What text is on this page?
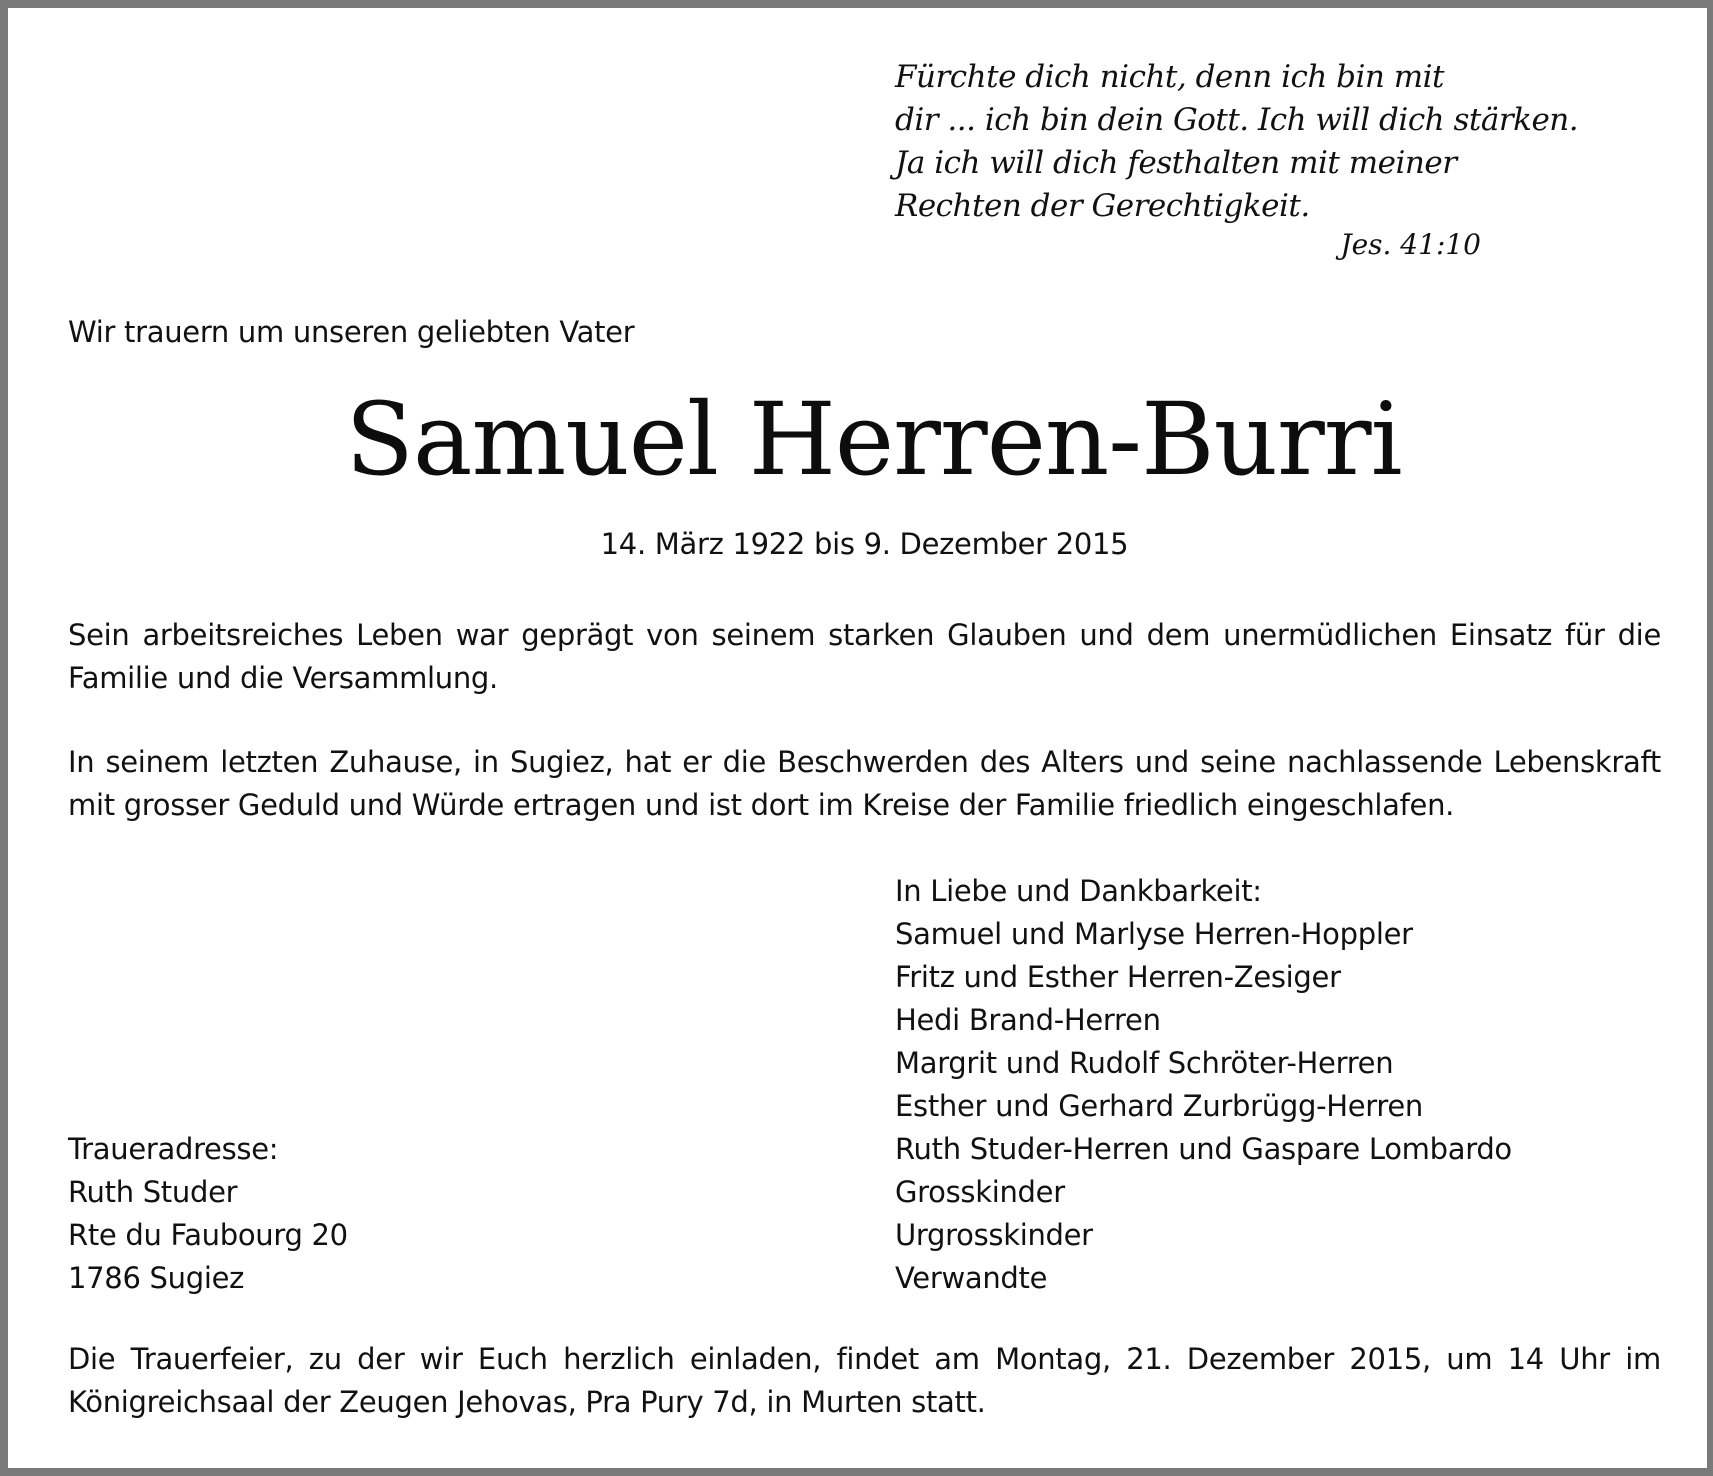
Fürchte dich nicht, denn ich bin mit
dir ... ich bin dein Gott. Ich will dich stärken.
Ja ich will dich festhalten mit meiner
Rechten der Gerechtigkeit.
Jes. 41:10
Wir trauern um unseren geliebten Vater
Samuel Herren-Burri
14. März 1922 bis 9. Dezember 2015
Sein arbeitsreiches Leben war geprägt von seinem starken Glauben und dem unermüdlichen Einsatz für die Familie und die Versammlung.
In seinem letzten Zuhause, in Sugiez, hat er die Beschwerden des Alters und seine nachlassende Lebenskraft mit grosser Geduld und Würde ertragen und ist dort im Kreise der Familie friedlich eingeschlafen.
In Liebe und Dankbarkeit:
Samuel und Marlyse Herren-Hoppler
Fritz und Esther Herren-Zesiger
Hedi Brand-Herren
Margrit und Rudolf Schröter-Herren
Esther und Gerhard Zurbrügg-Herren
Ruth Studer-Herren und Gaspare Lombardo
Grosskinder
Urgrosskinder
Verwandte
Traueradresse:
Ruth Studer
Rte du Faubourg 20
1786 Sugiez
Die Trauerfeier, zu der wir Euch herzlich einladen, findet am Montag, 21. Dezember 2015, um 14 Uhr im Königreichsaal der Zeugen Jehovas, Pra Pury 7d, in Murten statt.
